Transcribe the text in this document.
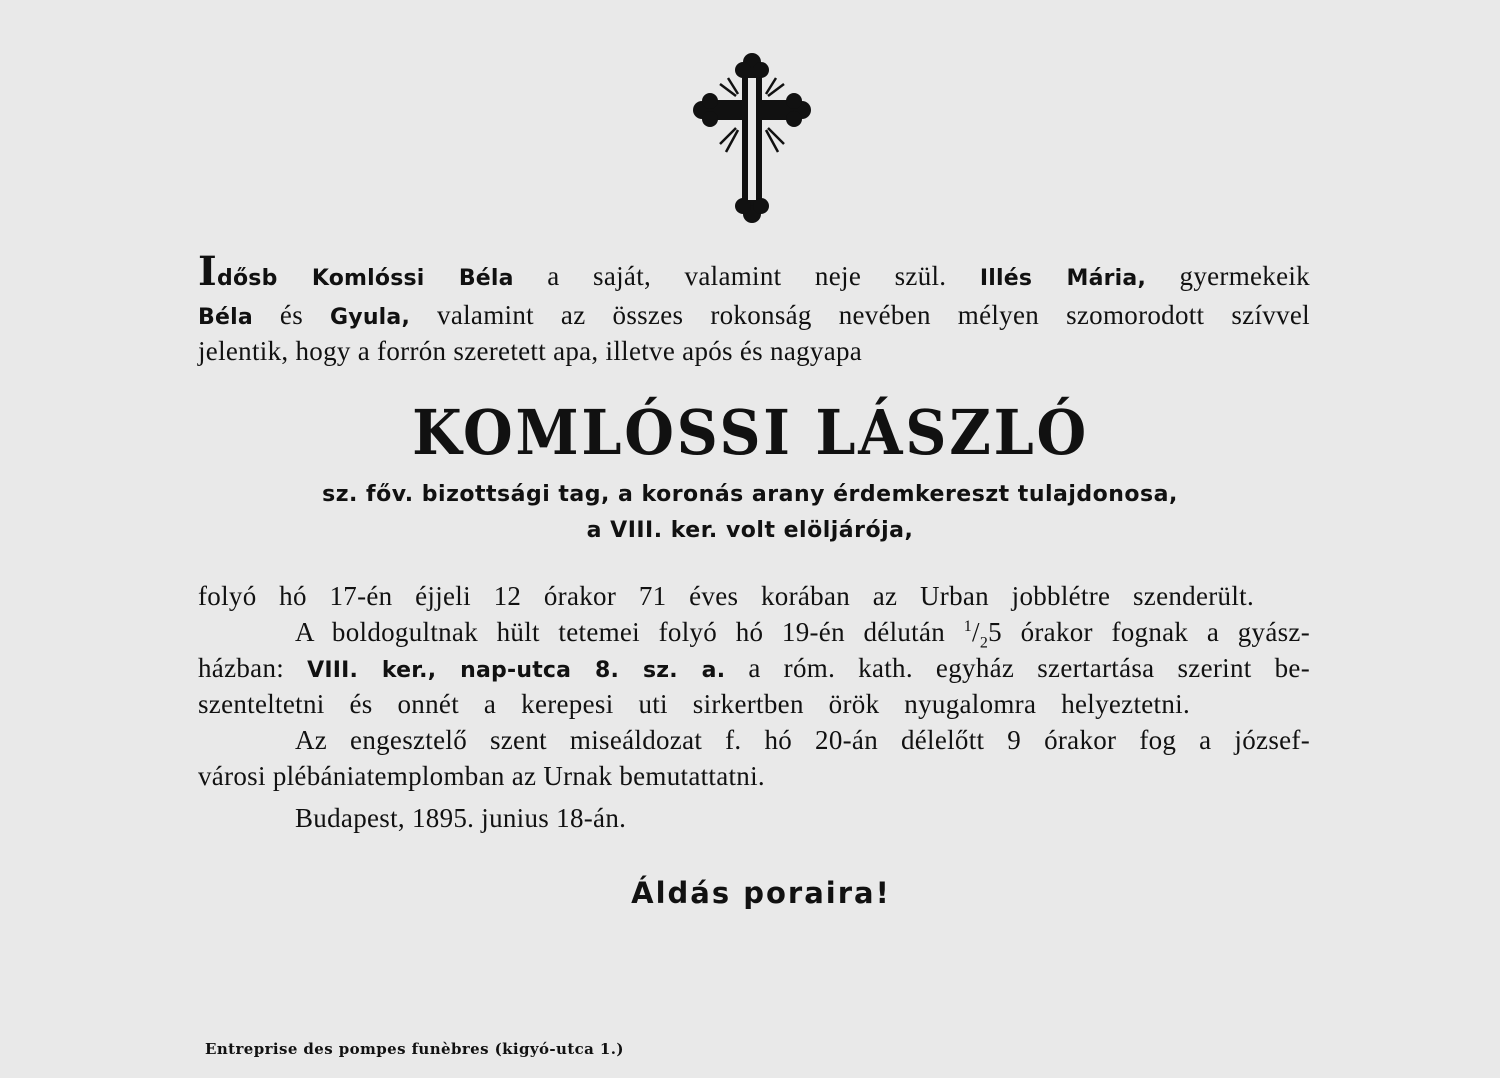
Idősb Komlóssi Béla a saját, valamint neje szül. Illés Mária, gyermekeik
Béla és Gyula, valamint az összes rokonság nevében mélyen szomorodott szívvel
jelentik, hogy a forrón szeretett apa, illetve após és nagyapa
KOMLÓSSI LÁSZLÓ
sz. főv. bizottsági tag, a koronás arany érdemkereszt tulajdonosa,
a VIII. ker. volt elöljárója,
folyó hó 17-én éjjeli 12 órakor 71 éves korában az Urban jobblétre szenderült.
A boldogultnak hült tetemei folyó hó 19-én délután $^1/_25$ órakor fognak a gyász-
házban: VIII. ker., nap-utca 8. sz. a. a róm. kath. egyház szertartása szerint be-
szenteltetni és onnét a kerepesi uti sirkertben örök nyugalomra helyeztetni.
Az engesztelő szent miseáldozat f. hó 20-án délelőtt 9 órakor fog a józsef-
városi plébániatemplomban az Urnak bemutattatni.
Budapest, 1895. junius 18-án.
Áldás poraira!
Entreprise des pompes funèbres (kigyó-utca 1.)
